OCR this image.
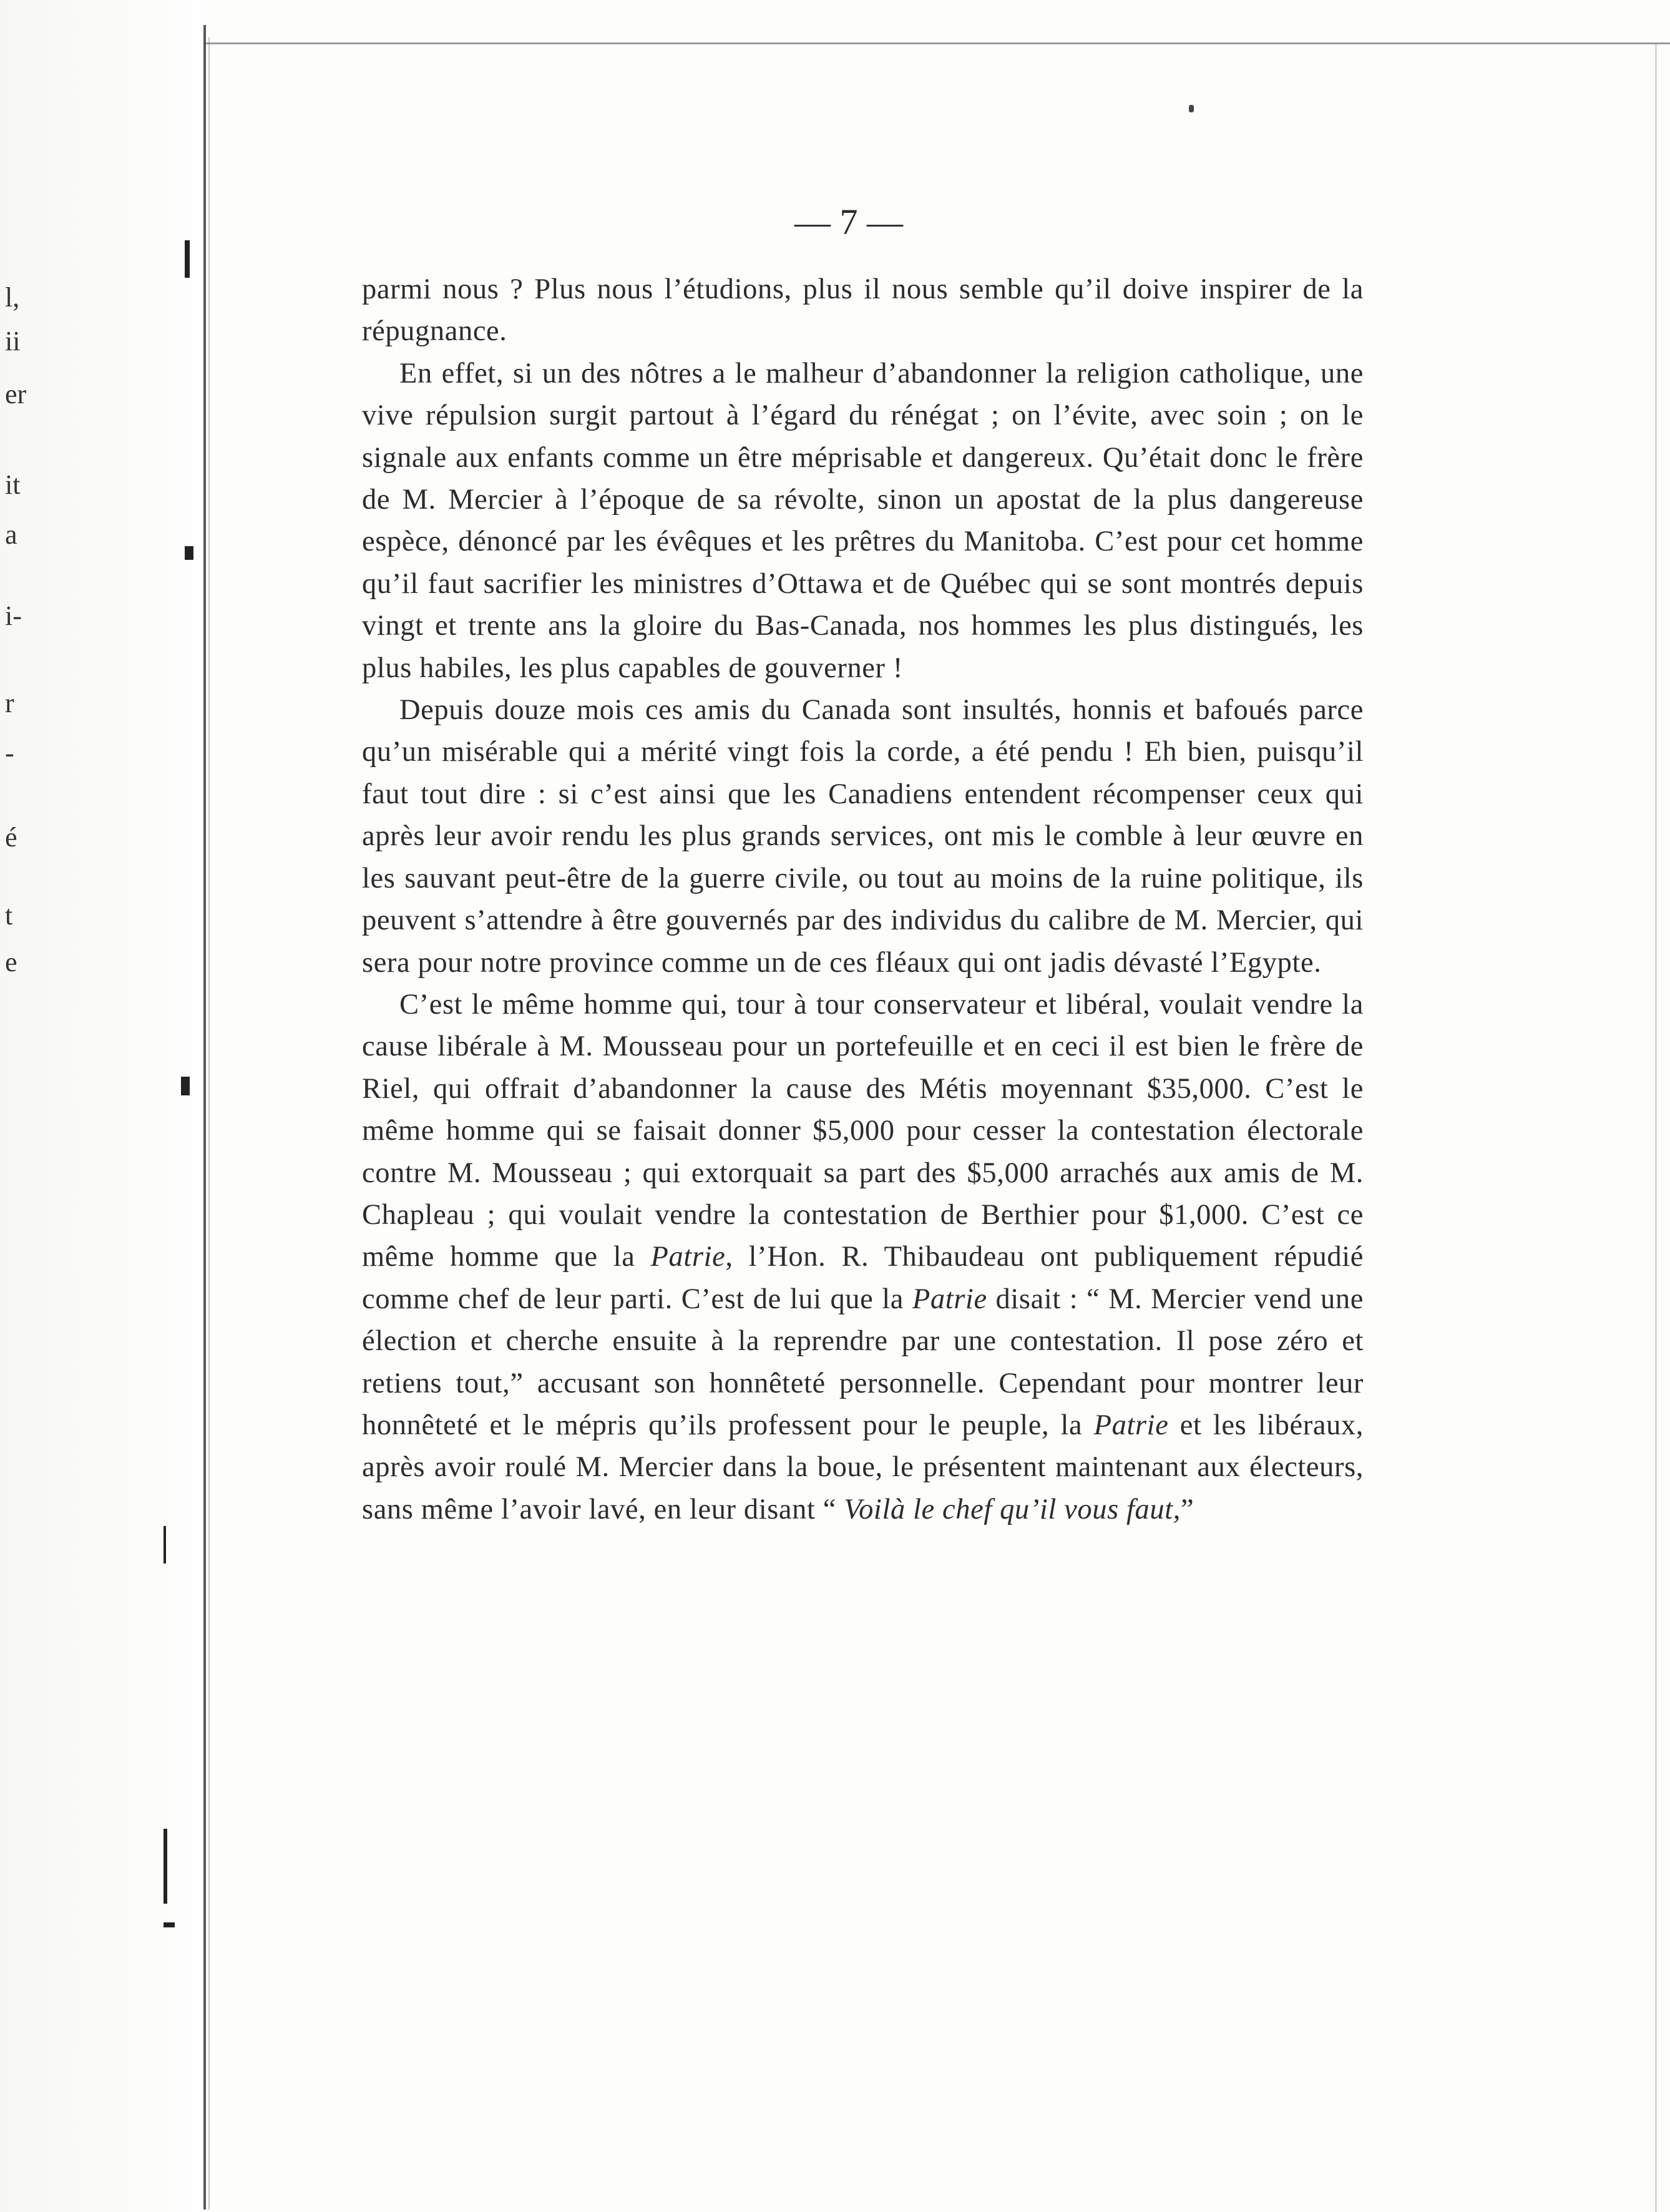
l,
ii
er
it
a
i-
r
-
é
t
e
— 7 —

parmi nous ? Plus nous l’étudions, plus il nous semble qu’il doive inspirer de la répugnance.

En effet, si un des nôtres a le malheur d’abandonner la religion catholique, une vive répulsion surgit partout à l’égard du rénégat ; on l’évite, avec soin ; on le signale aux enfants comme un être méprisable et dangereux. Qu’était donc le frère de M. Mercier à l’époque de sa révolte, sinon un apostat de la plus dangereuse espèce, dénoncé par les évêques et les prêtres du Manitoba. C’est pour cet homme qu’il faut sacrifier les ministres d’Ottawa et de Québec qui se sont montrés depuis vingt et trente ans la gloire du Bas-Canada, nos hommes les plus distingués, les plus habiles, les plus capables de gouverner !

Depuis douze mois ces amis du Canada sont insultés, honnis et bafoués parce qu’un misérable qui a mérité vingt fois la corde, a été pendu ! Eh bien, puisqu’il faut tout dire : si c’est ainsi que les Canadiens entendent récompenser ceux qui après leur avoir rendu les plus grands services, ont mis le comble à leur œuvre en les sauvant peut-être de la guerre civile, ou tout au moins de la ruine politique, ils peuvent s’attendre à être gouvernés par des individus du calibre de M. Mercier, qui sera pour notre province comme un de ces fléaux qui ont jadis dévasté l’Egypte.

C’est le même homme qui, tour à tour conservateur et libéral, voulait vendre la cause libérale à M. Mousseau pour un portefeuille et en ceci il est bien le frère de Riel, qui offrait d’abandonner la cause des Métis moyennant $35,000. C’est le même homme qui se faisait donner $5,000 pour cesser la contestation électorale contre M. Mousseau ; qui extorquait sa part des $5,000 arrachés aux amis de M. Chapleau ; qui voulait vendre la contestation de Berthier pour $1,000. C’est ce même homme que la Patrie, l’Hon. R. Thibaudeau ont publiquement répudié comme chef de leur parti. C’est de lui que la Patrie disait : “ M. Mercier vend une élection et cherche ensuite à la reprendre par une contestation. Il pose zéro et retiens tout,” accusant son honnêteté personnelle. Cependant pour montrer leur honnêteté et le mépris qu’ils professent pour le peuple, la Patrie et les libéraux, après avoir roulé M. Mercier dans la boue, le présentent maintenant aux électeurs, sans même l’avoir lavé, en leur disant “ Voilà le chef qu’il vous faut,”
